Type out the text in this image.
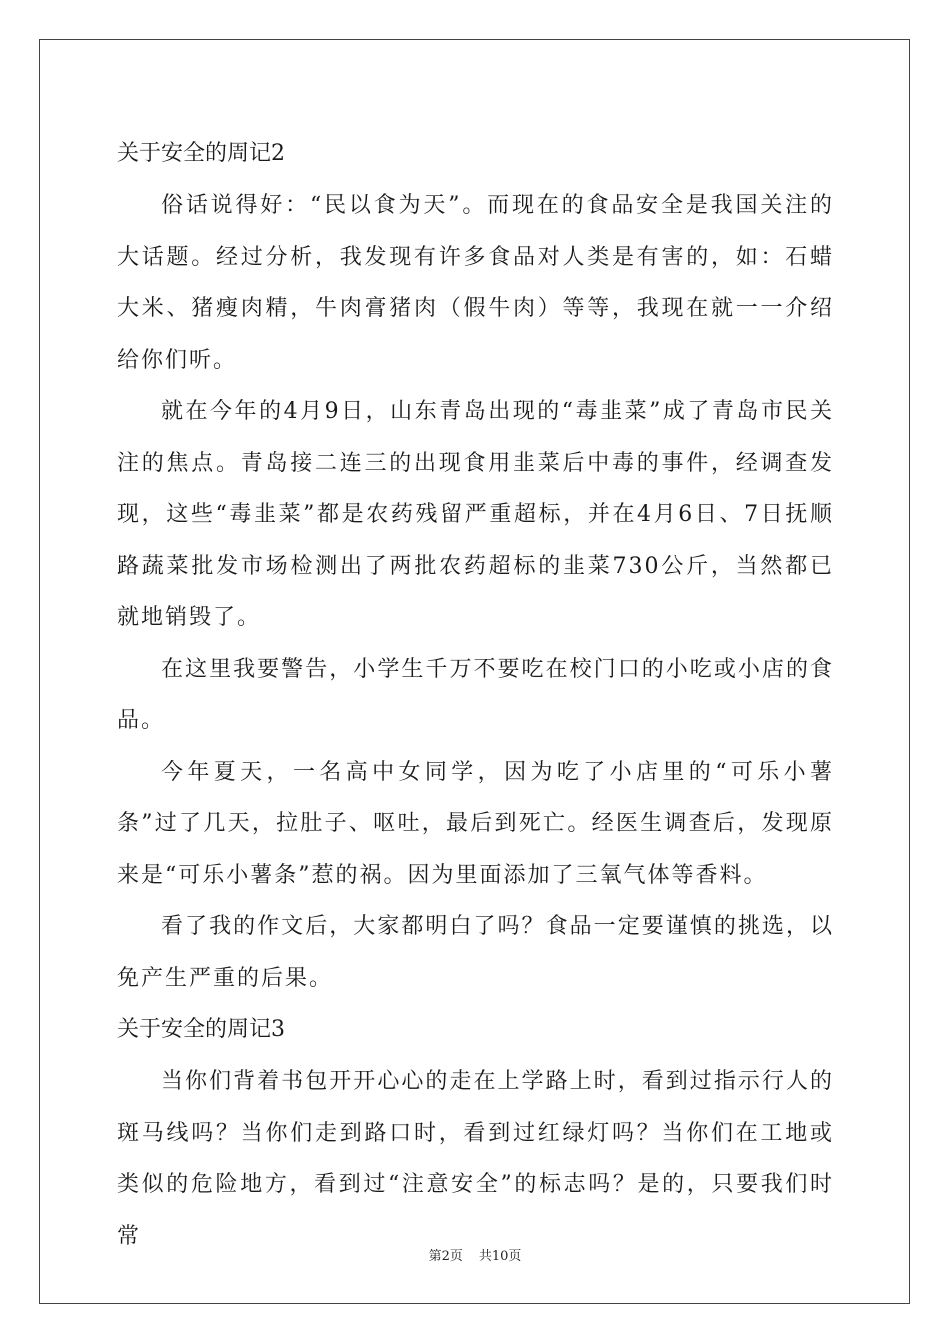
关于安全的周记2

俗话说得好：“民以食为天”。而现在的食品安全是我国关注的大话题。经过分析，我发现有许多食品对人类是有害的，如：石蜡大米、猪瘦肉精，牛肉膏猪肉（假牛肉）等等，我现在就一一介绍给你们听。

就在今年的4月9日，山东青岛出现的“毒韭菜”成了青岛市民关注的焦点。青岛接二连三的出现食用韭菜后中毒的事件，经调查发现，这些“毒韭菜”都是农药残留严重超标，并在4月6日、7日抚顺路蔬菜批发市场检测出了两批农药超标的韭菜730公斤，当然都已就地销毁了。

在这里我要警告，小学生千万不要吃在校门口的小吃或小店的食品。

今年夏天，一名高中女同学，因为吃了小店里的“可乐小薯条”过了几天，拉肚子、呕吐，最后到死亡。经医生调查后，发现原来是“可乐小薯条”惹的祸。因为里面添加了三氧气体等香料。

看了我的作文后，大家都明白了吗？食品一定要谨慎的挑选，以免产生严重的后果。

关于安全的周记3

当你们背着书包开开心心的走在上学路上时，看到过指示行人的斑马线吗？当你们走到路口时，看到过红绿灯吗？当你们在工地或类似的危险地方，看到过“注意安全”的标志吗？是的，只要我们时常

第2页 共10页
